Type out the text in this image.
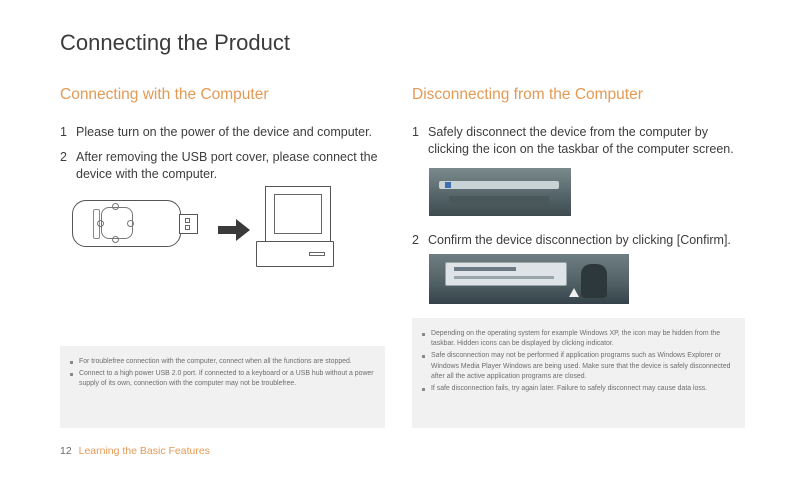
Connecting the Product
Connecting with the Computer	Disconnecting from the Computer
1 Please turn on the power of the device and computer.
2 After removing the USB port cover, please connect the device with the computer.
1 Safely disconnect the device from the computer by clicking the icon on the taskbar of the computer screen.
2 Confirm the device disconnection by clicking [Confirm].
For troublefree connection with the computer, connect when all the functions are stopped.
Connect to a high power USB 2.0 port. If connected to a keyboard or a USB hub without a power supply of its own, connection with the computer may not be troublefree.
Depending on the operating system for example Windows XP, the icon may be hidden from the taskbar. Hidden icons can be displayed by clicking indicator.
Safe disconnection may not be performed if application programs such as Windows Explorer or Windows Media Player Windows are being used. Make sure that the device is safely disconnected after all the active application programs are closed.
If safe disconnection fails, try again later. Failure to safely disconnect may cause data loss.
12 Learning the Basic Features
